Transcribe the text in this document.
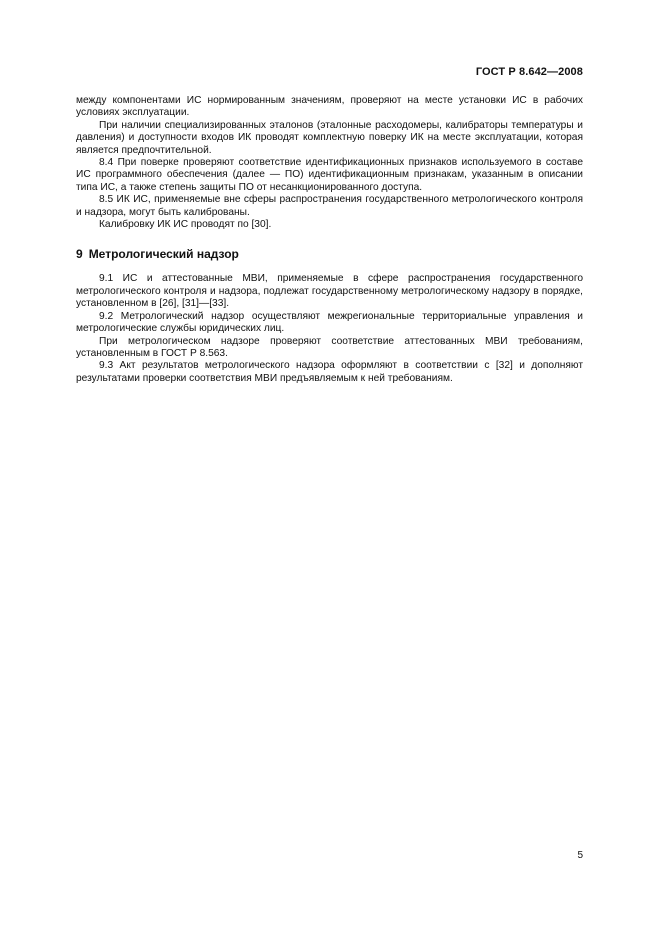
ГОСТ Р 8.642—2008

между компонентами ИС нормированным значениям, проверяют на месте установки ИС в рабочих условиях эксплуатации.

При наличии специализированных эталонов (эталонные расходомеры, калибраторы температуры и давления) и доступности входов ИК проводят комплектную поверку ИК на месте эксплуатации, которая является предпочтительной.

8.4 При поверке проверяют соответствие идентификационных признаков используемого в составе ИС программного обеспечения (далее — ПО) идентификационным признакам, указанным в описании типа ИС, а также степень защиты ПО от несанкционированного доступа.

8.5 ИК ИС, применяемые вне сферы распространения государственного метрологического контроля и надзора, могут быть калиброваны.

Калибровку ИК ИС проводят по [30].

9 Метрологический надзор

9.1 ИС и аттестованные МВИ, применяемые в сфере распространения государственного метрологического контроля и надзора, подлежат государственному метрологическому надзору в порядке, установленном в [26], [31]—[33].

9.2 Метрологический надзор осуществляют межрегиональные территориальные управления и метрологические службы юридических лиц.

При метрологическом надзоре проверяют соответствие аттестованных МВИ требованиям, установленным в ГОСТ Р 8.563.

9.3 Акт результатов метрологического надзора оформляют в соответствии с [32] и дополняют результатами проверки соответствия МВИ предъявляемым к ней требованиям.

5
